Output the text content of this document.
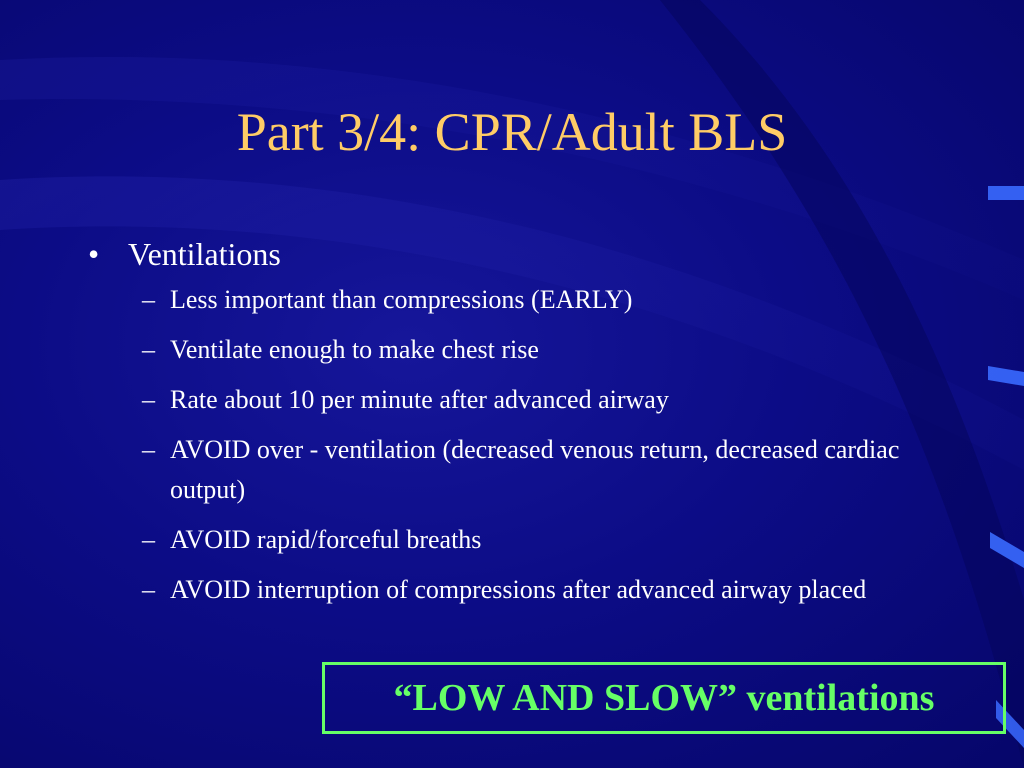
Part 3/4: CPR/Adult BLS
• Ventilations
– Less important than compressions (EARLY)
– Ventilate enough to make chest rise
– Rate about 10 per minute after advanced airway
– AVOID over - ventilation (decreased venous return, decreased cardiac output)
– AVOID rapid/forceful breaths
– AVOID interruption of compressions after advanced airway placed
“LOW AND SLOW” ventilations
